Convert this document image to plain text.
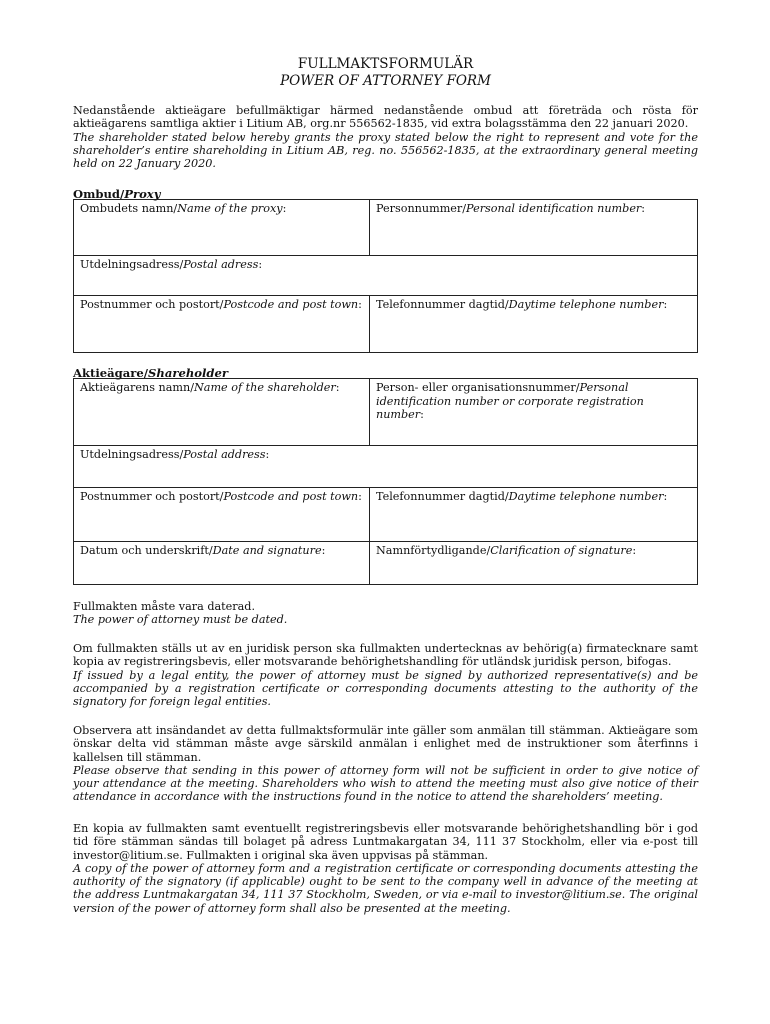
FULLMAKTSFORMULÄR
POWER OF ATTORNEY FORM

Nedanstående aktieägare befullmäktigar härmed nedanstående ombud att företräda och rösta för aktieägarens samtliga aktier i Litium AB, org.nr 556562-1835, vid extra bolagsstämma den 22 januari 2020.
The shareholder stated below hereby grants the proxy stated below the right to represent and vote for the shareholder’s entire shareholding in Litium AB, reg. no. 556562-1835, at the extraordinary general meeting held on 22 January 2020.

Ombud/Proxy
Ombudets namn/Name of the proxy:	Personnummer/Personal identification number:
Utdelningsadress/Postal adress:	
Postnummer och postort/Postcode and post town:	Telefonnummer dagtid/Daytime telephone number:
Aktieägare/Shareholder
Aktieägarens namn/Name of the shareholder:	Person- eller organisationsnummer/Personal identification number or corporate registration number:
Utdelningsadress/Postal address:	
Postnummer och postort/Postcode and post town:	Telefonnummer dagtid/Daytime telephone number:
Datum och underskrift/Date and signature:	Namnförtydligande/Clarification of signature:

Fullmakten måste vara daterad.
The power of attorney must be dated.

Om fullmakten ställs ut av en juridisk person ska fullmakten undertecknas av behörig(a) firmatecknare samt kopia av registreringsbevis, eller motsvarande behörighetshandling för utländsk juridisk person, bifogas.
If issued by a legal entity, the power of attorney must be signed by authorized representative(s) and be accompanied by a registration certificate or corresponding documents attesting to the authority of the signatory for foreign legal entities.

Observera att insändandet av detta fullmaktsformulär inte gäller som anmälan till stämman. Aktieägare som önskar delta vid stämman måste avge särskild anmälan i enlighet med de instruktioner som återfinns i kallelsen till stämman.
Please observe that sending in this power of attorney form will not be sufficient in order to give notice of your attendance at the meeting. Shareholders who wish to attend the meeting must also give notice of their attendance in accordance with the instructions found in the notice to attend the shareholders’ meeting.

En kopia av fullmakten samt eventuellt registreringsbevis eller motsvarande behörighetshandling bör i god tid före stämman sändas till bolaget på adress Luntmakargatan 34, 111 37 Stockholm, eller via e-post till investor@litium.se. Fullmakten i original ska även uppvisas på stämman.
A copy of the power of attorney form and a registration certificate or corresponding documents attesting the authority of the signatory (if applicable) ought to be sent to the company well in advance of the meeting at the address Luntmakargatan 34, 111 37 Stockholm, Sweden, or via e-mail to investor@litium.se. The original version of the power of attorney form shall also be presented at the meeting.
